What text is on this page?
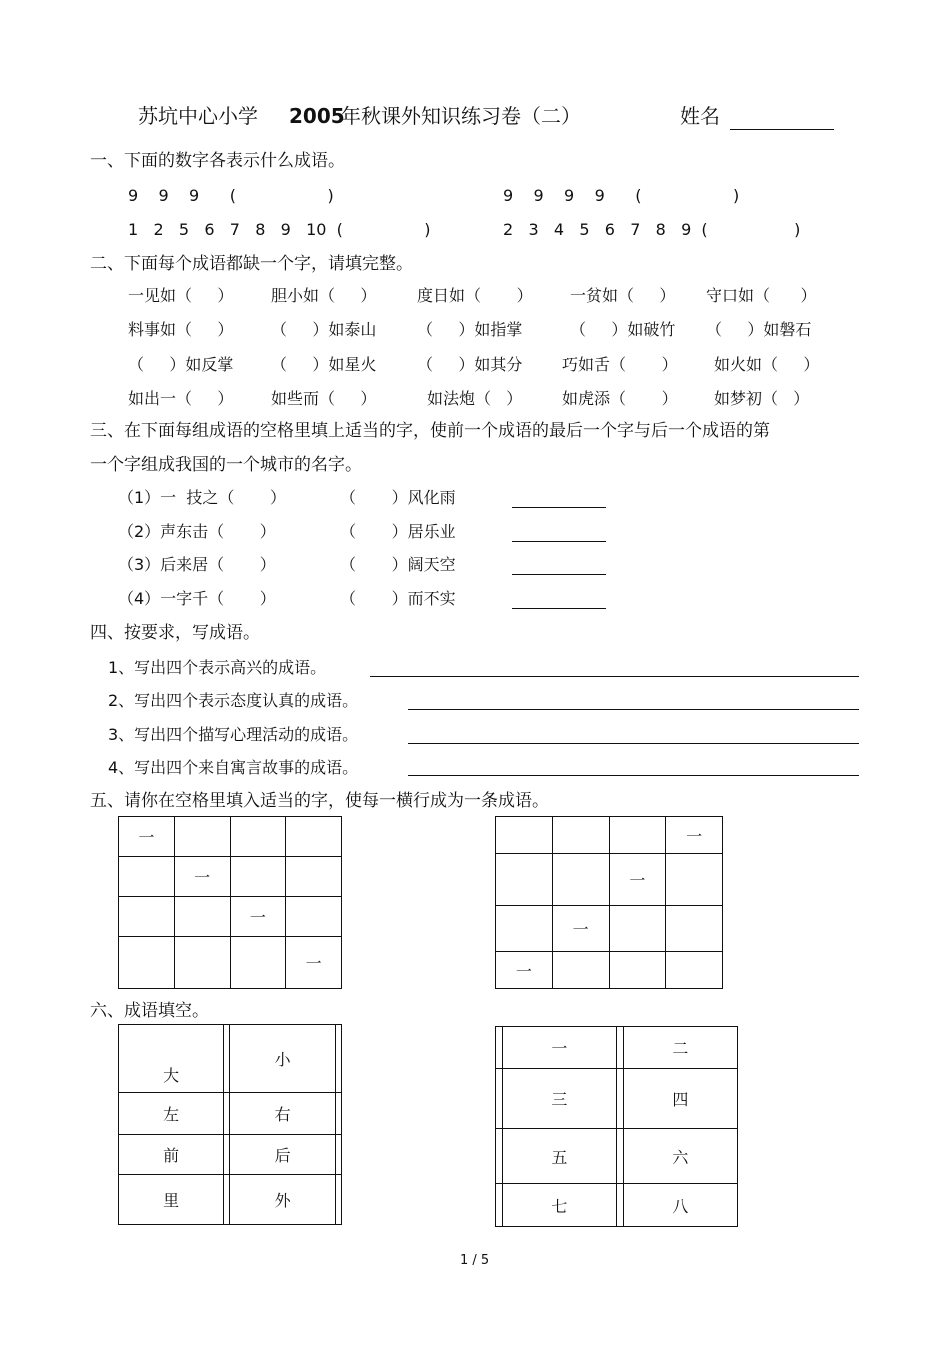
苏坑中心小学 2005
年秋课外知识练习卷（二）	姓名
一、下面的数字各表示什么成语。
9    9    9      (                  )	9    9    9    9      (                  )
1   2   5   6   7   8   9   10  (                )	2   3   4   5   6   7   8   9  (                 )
二、下面每个成语都缺一个字，请填完整。
一见如（     ） 胆小如（     ）	度日如（       ） 一贫如（     ） 守口如（      ）
料事如（     ） （     ）如泰山	（     ）如指掌	（     ）如破竹 （     ）如磐石
（     ）如反掌 （     ）如星火	（     ）如其分 巧如舌（       ） 如火如（     ）
如出一（     ） 如些而（     ）	如法炮（   ） 如虎添（       ） 如梦初（   ）
三、在下面每组成语的空格里填上适当的字，使前一个成语的最后一个字与后一个成语的第
一个字组成我国的一个城市的名字。
（1）一  技之（       ）	（       ）风化雨
（2）声东击（       ）	（       ）居乐业
（3）后来居（       ）	（       ）阔天空
（4）一字千（       ）	（       ）而不实
四、按要求，写成语。
1、写出四个表示高兴的成语。
2、写出四个表示态度认真的成语。
3、写出四个描写心理活动的成语。
4、写出四个来自寓言故事的成语。
五、请你在空格里填入适当的字，使每一横行成为一条成语。
一			
	一		
		一	
			一
			一
		一	
	一		
一			
六、成语填空。
大		小	
左		右	
前		后	
里		外	
	一		二
	三		四
	五		六
	七		八
1 / 5
